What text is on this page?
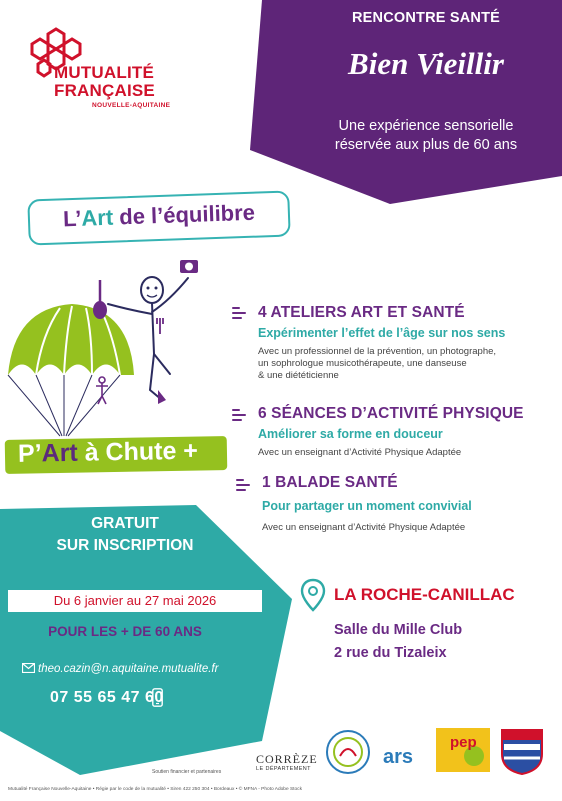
RENCONTRE SANTÉ
Bien Vieillir
Une expérience sensorielle
réservée aux plus de 60 ans
MUTUALITÉ
FRANÇAISE
NOUVELLE-AQUITAINE
L’Art de l’équilibre
P’Art à Chute +
4 ATELIERS ART ET SANTÉ
Expérimenter l’effet de l’âge sur nos sens
Avec un professionnel de la prévention, un photographe,
un sophrologue musicothérapeute, une danseuse
& une diététicienne
6 SÉANCES D’ACTIVITÉ PHYSIQUE
Améliorer sa forme en douceur
Avec un enseignant d’Activité Physique Adaptée
1 BALADE SANTÉ
Pour partager un moment convivial
Avec un enseignant d’Activité Physique Adaptée
GRATUIT
SUR INSCRIPTION
Du 6 janvier au 27 mai 2026
POUR LES + DE 60 ANS
theo.cazin@n.aquitaine.mutualite.fr
07 55 65 47 60
LA ROCHE-CANILLAC
Salle du Mille Club
2 rue du Tizaleix
Soutien financier et partenaires
Mutualité Française Nouvelle-Aquitaine • Régie par le code de la mutualité • Siren 422 250 304 • Bordeaux • © MFNA - Photo Adobe Stock
CORRÈZE
LE DÉPARTEMENT
ars
pep
